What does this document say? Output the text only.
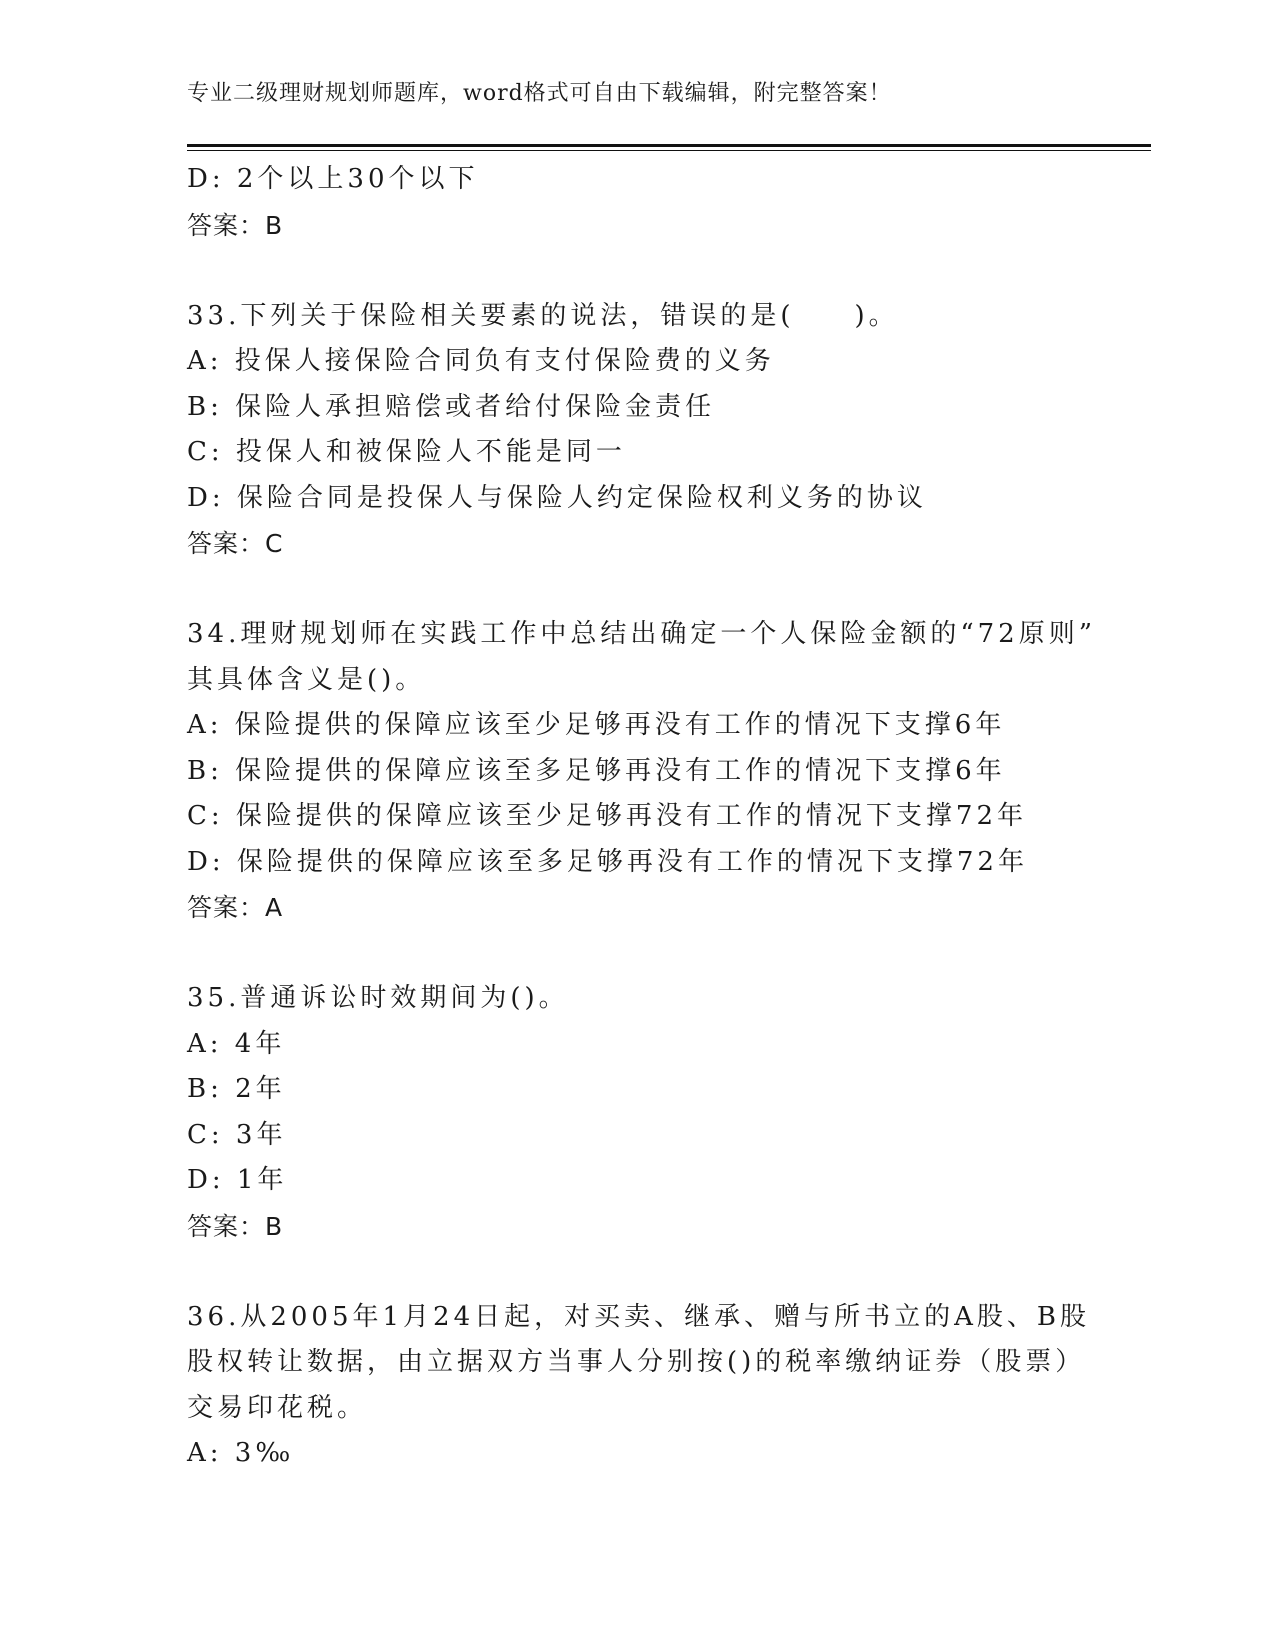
专业二级理财规划师题库，word格式可自由下载编辑，附完整答案！
D: 2个以上30个以下
答案：B
33.下列关于保险相关要素的说法，错误的是(　　)。
A: 投保人接保险合同负有支付保险费的义务
B: 保险人承担赔偿或者给付保险金责任
C: 投保人和被保险人不能是同一
D: 保险合同是投保人与保险人约定保险权利义务的协议
答案：C
34.理财规划师在实践工作中总结出确定一个人保险金额的“72原则”
其具体含义是()。
A: 保险提供的保障应该至少足够再没有工作的情况下支撑6年
B: 保险提供的保障应该至多足够再没有工作的情况下支撑6年
C: 保险提供的保障应该至少足够再没有工作的情况下支撑72年
D: 保险提供的保障应该至多足够再没有工作的情况下支撑72年
答案：A
35.普通诉讼时效期间为()。
A: 4年
B: 2年
C: 3年
D: 1年
答案：B
36.从2005年1月24日起，对买卖、继承、赠与所书立的A股、B股
股权转让数据，由立据双方当事人分别按()的税率缴纳证券（股票）
交易印花税。
A: 3‰
